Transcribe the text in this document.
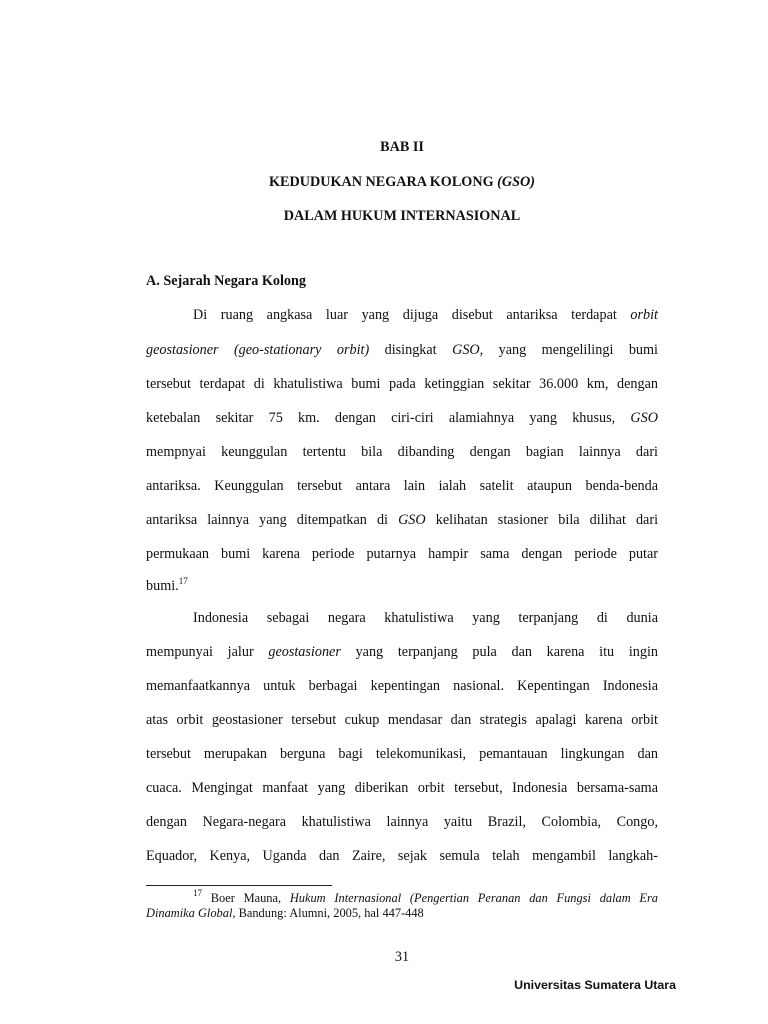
BAB II
KEDUDUKAN NEGARA KOLONG (GSO)
DALAM HUKUM INTERNASIONAL
A. Sejarah Negara Kolong
Di ruang angkasa luar yang dijuga disebut antariksa terdapat orbit
geostasioner (geo-stationary orbit) disingkat GSO, yang mengelilingi bumi
tersebut terdapat di khatulistiwa bumi pada ketinggian sekitar 36.000 km, dengan
ketebalan sekitar 75 km. dengan ciri-ciri alamiahnya yang khusus, GSO
mempnyai keunggulan tertentu bila dibanding dengan bagian lainnya dari
antariksa. Keunggulan tersebut antara lain ialah satelit ataupun benda-benda
antariksa lainnya yang ditempatkan di GSO kelihatan stasioner bila dilihat dari
permukaan bumi karena periode putarnya hampir sama dengan periode putar
bumi.$^{17}$
Indonesia sebagai negara khatulistiwa yang terpanjang di dunia
mempunyai jalur geostasioner yang terpanjang pula dan karena itu ingin
memanfaatkannya untuk berbagai kepentingan nasional. Kepentingan Indonesia
atas orbit geostasioner tersebut cukup mendasar dan strategis apalagi karena orbit
tersebut merupakan berguna bagi telekomunikasi, pemantauan lingkungan dan
cuaca. Mengingat manfaat yang diberikan orbit tersebut, Indonesia bersama-sama
dengan Negara-negara khatulistiwa lainnya yaitu Brazil, Colombia, Congo,
Equador, Kenya, Uganda dan Zaire, sejak semula telah mengambil langkah-
$^{17}$ Boer Mauna, Hukum Internasional (Pengertian Peranan dan Fungsi dalam Era
Dinamika Global, Bandung: Alumni, 2005, hal 447-448
31
Universitas Sumatera Utara
